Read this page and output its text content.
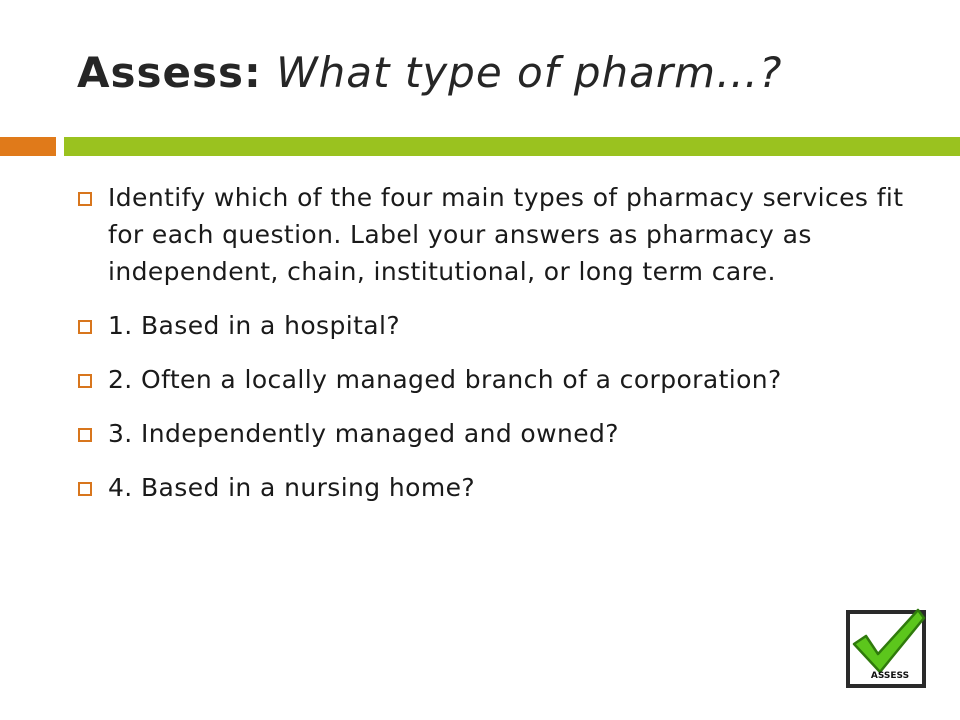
Assess: What type of pharm…?
Identify which of the four main types of pharmacy services fit for each question. Label your answers as pharmacy as independent, chain, institutional, or long term care.
1. Based in a hospital?
2. Often a locally managed branch of a corporation?
3. Independently managed and owned?
4. Based in a nursing home?
ASSESS
